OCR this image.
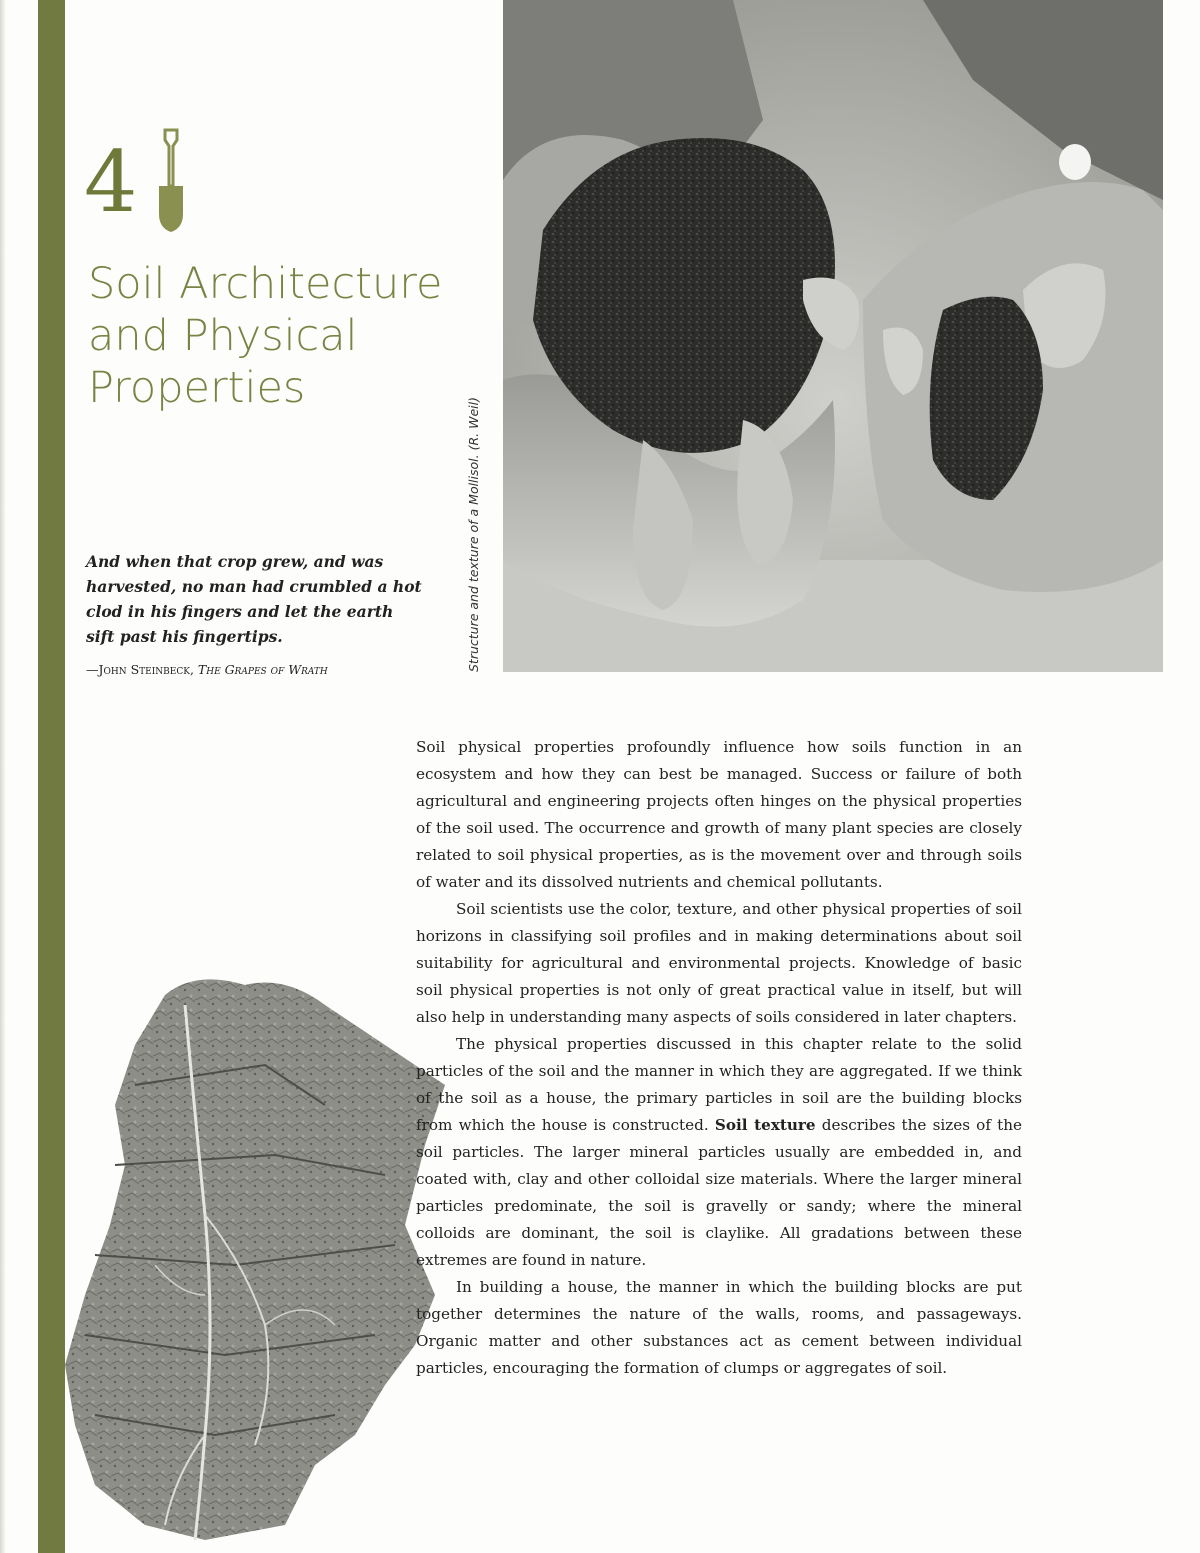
4
Soil Architecture
and Physical
Properties
And when that crop grew, and was harvested, no man had crumbled a hot clod in his fingers and let the earth sift past his fingertips.
—John Steinbeck, The Grapes of Wrath	Structure and texture of a Mollisol. (R. Weil)

Soil physical properties profoundly influence how soils function in an ecosystem and how they can best be managed. Success or failure of both agricultural and engineering projects often hinges on the physical properties of the soil used. The occurrence and growth of many plant species are closely related to soil physical properties, as is the movement over and through soils of water and its dissolved nutrients and chemical pollutants.

Soil scientists use the color, texture, and other physical properties of soil horizons in classifying soil profiles and in making determinations about soil suitability for agricultural and environmental projects. Knowledge of basic soil physical properties is not only of great practical value in itself, but will also help in understanding many aspects of soils considered in later chapters.

The physical properties discussed in this chapter relate to the solid particles of the soil and the manner in which they are aggregated. If we think of the soil as a house, the primary particles in soil are the building blocks from which the house is constructed. Soil texture describes the sizes of the soil particles. The larger mineral particles usually are embedded in, and coated with, clay and other colloidal size materials. Where the larger mineral particles predominate, the soil is gravelly or sandy; where the mineral colloids are dominant, the soil is claylike. All gradations between these extremes are found in nature.

In building a house, the manner in which the building blocks are put together determines the nature of the walls, rooms, and passageways. Organic matter and other substances act as cement between individual particles, encouraging the formation of clumps or aggregates of soil.
